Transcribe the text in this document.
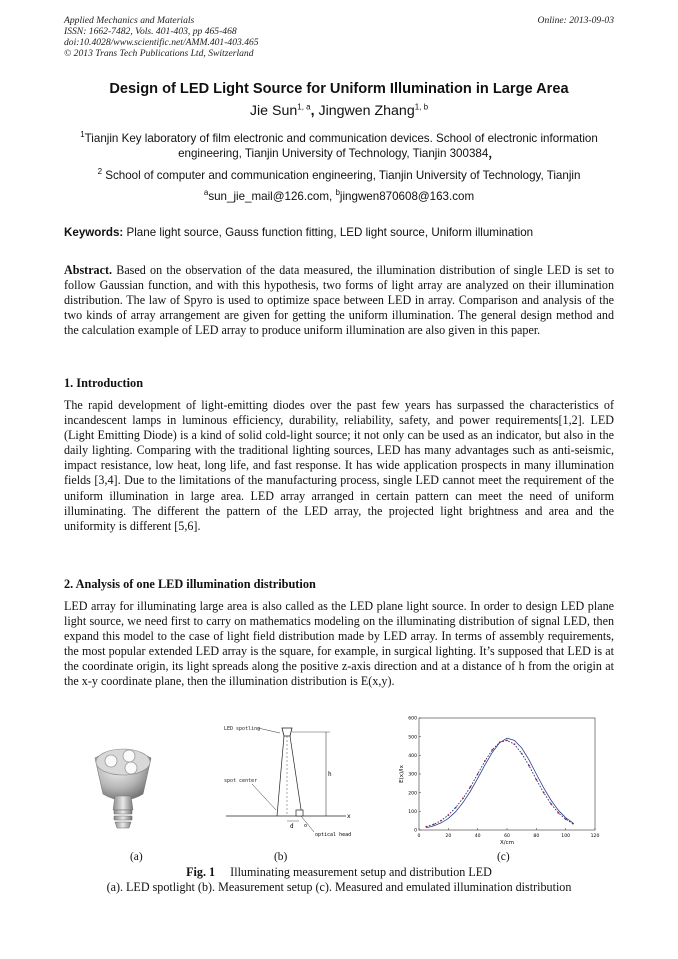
Applied Mechanics and Materials
ISSN: 1662-7482, Vols. 401-403, pp 465-468
doi:10.4028/www.scientific.net/AMM.401-403.465
© 2013 Trans Tech Publications Ltd, Switzerland
Online: 2013-09-03
Design of LED Light Source for Uniform Illumination in Large Area
Jie Sun$^{1, a}$, Jingwen Zhang$^{1, b}$
$^1$Tianjin Key laboratory of film electronic and communication devices. School of electronic information engineering, Tianjin University of Technology, Tianjin 300384，
$^2$ School of computer and communication engineering, Tianjin University of Technology, Tianjin
$^a$sun_jie_mail@126.com, $^b$jingwen870608@163.com
Keywords: Plane light source, Gauss function fitting, LED light source, Uniform illumination
Abstract. Based on the observation of the data measured, the illumination distribution of single LED is set to follow Gaussian function, and with this hypothesis, two forms of light array are analyzed on their illumination distribution. The law of Spyro is used to optimize space between LED in array. Comparison and analysis of the two kinds of array arrangement are given for getting the uniform illumination. The general design method and the calculation example of LED array to produce uniform illumination are also given in this paper.
1. Introduction
The rapid development of light-emitting diodes over the past few years has surpassed the characteristics of incandescent lamps in luminous efficiency, durability, reliability, safety, and power requirements[1,2]. LED (Light Emitting Diode) is a kind of solid cold-light source; it not only can be used as an indicator, but also in the daily lighting. Comparing with the traditional lighting sources, LED has many advantages such as anti-seismic, impact resistance, low heat, long life, and fast response. It has wide application prospects in many illumination fields [3,4]. Due to the limitations of the manufacturing process, single LED cannot meet the requirement of the uniform illumination in large area. LED array arranged in certain pattern can meet the need of uniform illuminating. The different the pattern of the LED array, the projected light brightness and area and the uniformity is different [5,6].
2. Analysis of one LED illumination distribution
LED array for illuminating large area is also called as the LED plane light source. In order to design LED plane light source, we need first to carry on mathematics modeling on the illuminating distribution of signal LED, then expand this model to the case of light field distribution made by LED array. In terms of assembly requirements, the most popular extended LED array is the square, for example, in surgical lighting. It’s supposed that LED is at the coordinate origin, its light spreads along the positive z-axis direction and at a distance of h from the origin at the x-y coordinate plane, then the illumination distribution is E(x,y).
LED spotling
h
spot center
x
d o
optical head	0	20	40	60	80	100	120
0
100
200
300
400
500
600
X/cm
E(x)/lx
(a)	(b)	(c)
Fig. 1     Illuminating measurement setup and distribution LED
(a). LED spotlight (b). Measurement setup (c). Measured and emulated illumination distribution
